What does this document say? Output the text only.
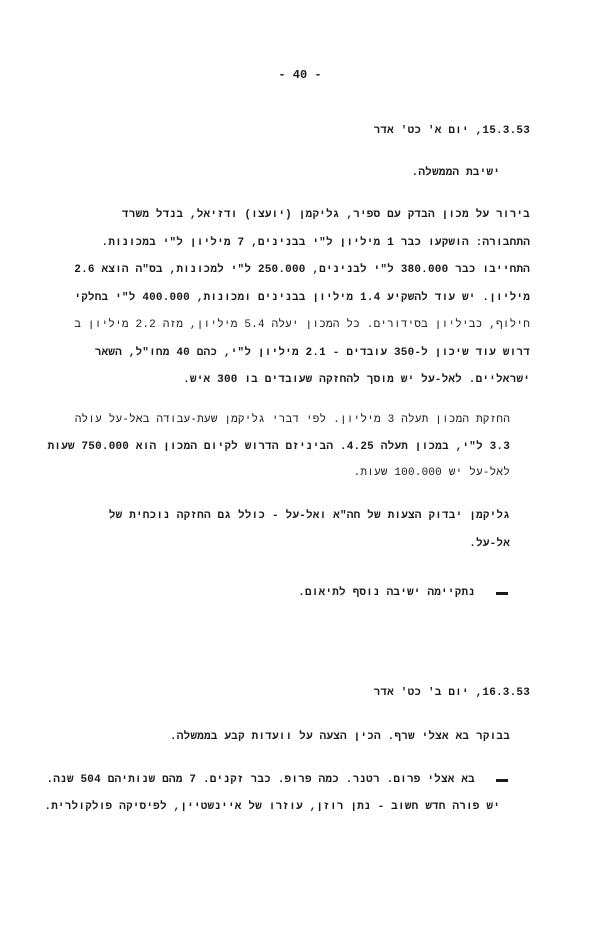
- 40 -
15.3.53, יום א' כט' אדר
ישיבת הממשלה.
בירור על מכון הבדק עם ספיר, גליקמן (יועצו) ודזיאל, בנדל משרד
התחבורה: הושקעו כבר 1 מיליון ל"י בבנינים, 7 מיליון ל"י במכונות.
התחייבו כבר 380.000 ל"י לבנינים, 250.000 ל"י למכונות, בס"ה הוצא 2.6
מיליון. יש עוד להשקיע 1.4 מיליון בבנינים ומכונות, 400.000 ל"י בחלקי
חילוף, כביליון בסידורים. כל המכון יעלה 5.4 מיליון, מזה 2.2 מיליון ב
דרוש עוד שיכון ל-350 עובדים - 2.1 מיליון ל"י, כהם 40 מחו"ל, השאר
ישראליים. לאל-על יש מוסך להחזקה שעובדים בו 300 איש.
החזקת המכון תעלה 3 מיליון. לפי דברי גליקמן שעת-עבודה באל-על עולה
3.3 ל"י, במכון תעלה 4.25. הביניזם הדרוש לקיום המכון הוא 750.000 שעות
לאל-על יש 100.000 שעות.
גליקמן יבדוק הצעות של חה"א ואל-על - כולל גם החזקה נוכחית של
אל-על.
נתקיימה ישיבה נוסף לתיאום.
16.3.53, יום ב' כט' אדר
בבוקר בא אצלי שרף. הכין הצעה על וועדות קבע בממשלה.
בא אצלי פרום. רטנר. כמה פרופ. כבר זקנים. 7 מהם שנותיהם 504 שנה.
יש פורה חדש חשוב - נתן רוזן, עוזרו של איינשטיין, לפיסיקה פולקולרית.
